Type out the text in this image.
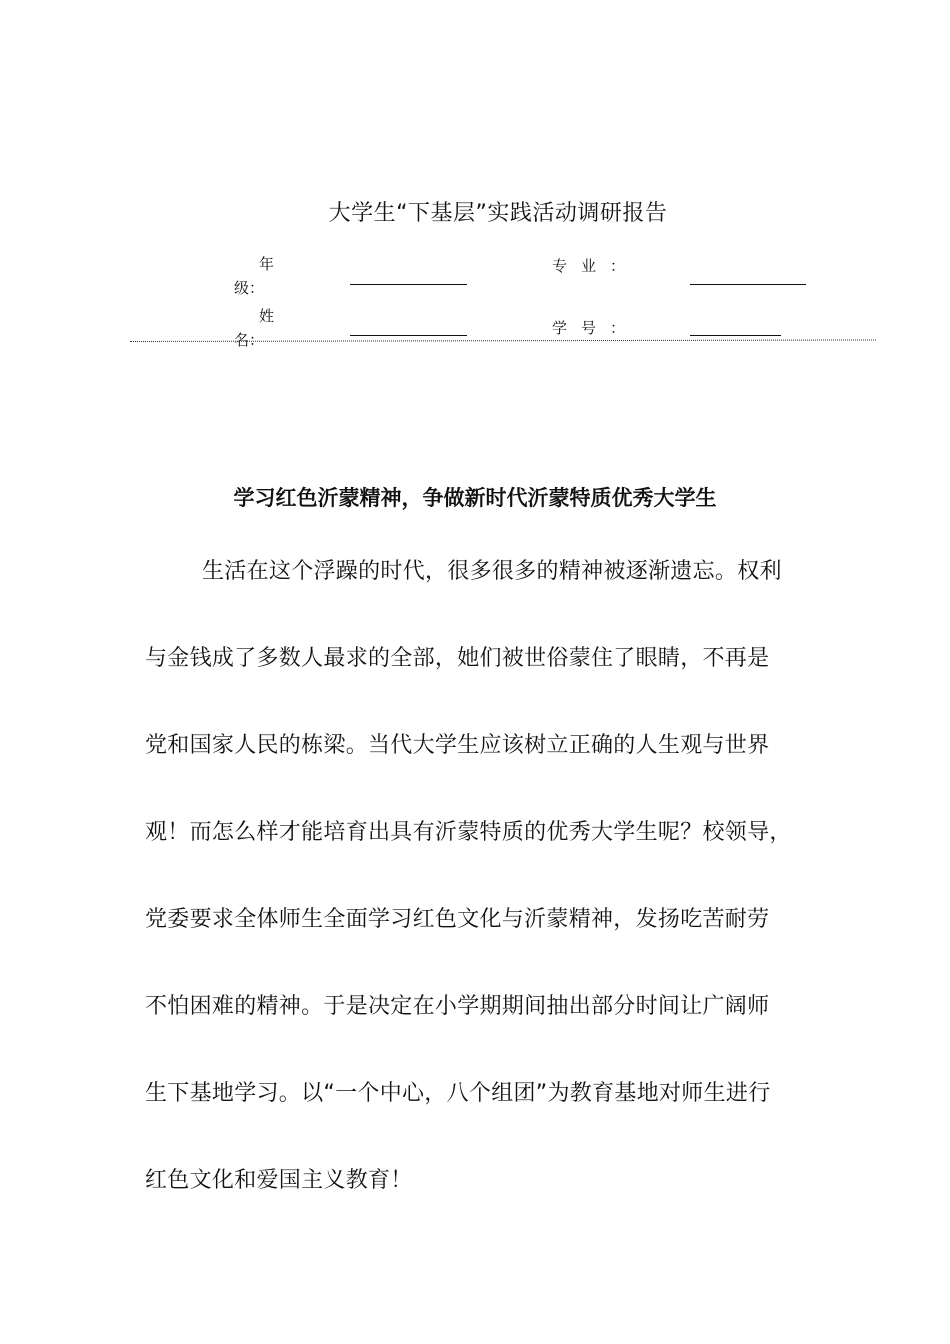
大学生“下基层”实践活动调研报告
年
级：
专业：
姓
名：
学号：
学习红色沂蒙精神，争做新时代沂蒙特质优秀大学生
生活在这个浮躁的时代，很多很多的精神被逐渐遗忘。权利
与金钱成了多数人最求的全部，她们被世俗蒙住了眼睛，不再是
党和国家人民的栋梁。当代大学生应该树立正确的人生观与世界
观！而怎么样才能培育出具有沂蒙特质的优秀大学生呢？校领导，
党委要求全体师生全面学习红色文化与沂蒙精神，发扬吃苦耐劳
不怕困难的精神。于是决定在小学期期间抽出部分时间让广阔师
生下基地学习。以“一个中心，八个组团”为教育基地对师生进行
红色文化和爱国主义教育！
